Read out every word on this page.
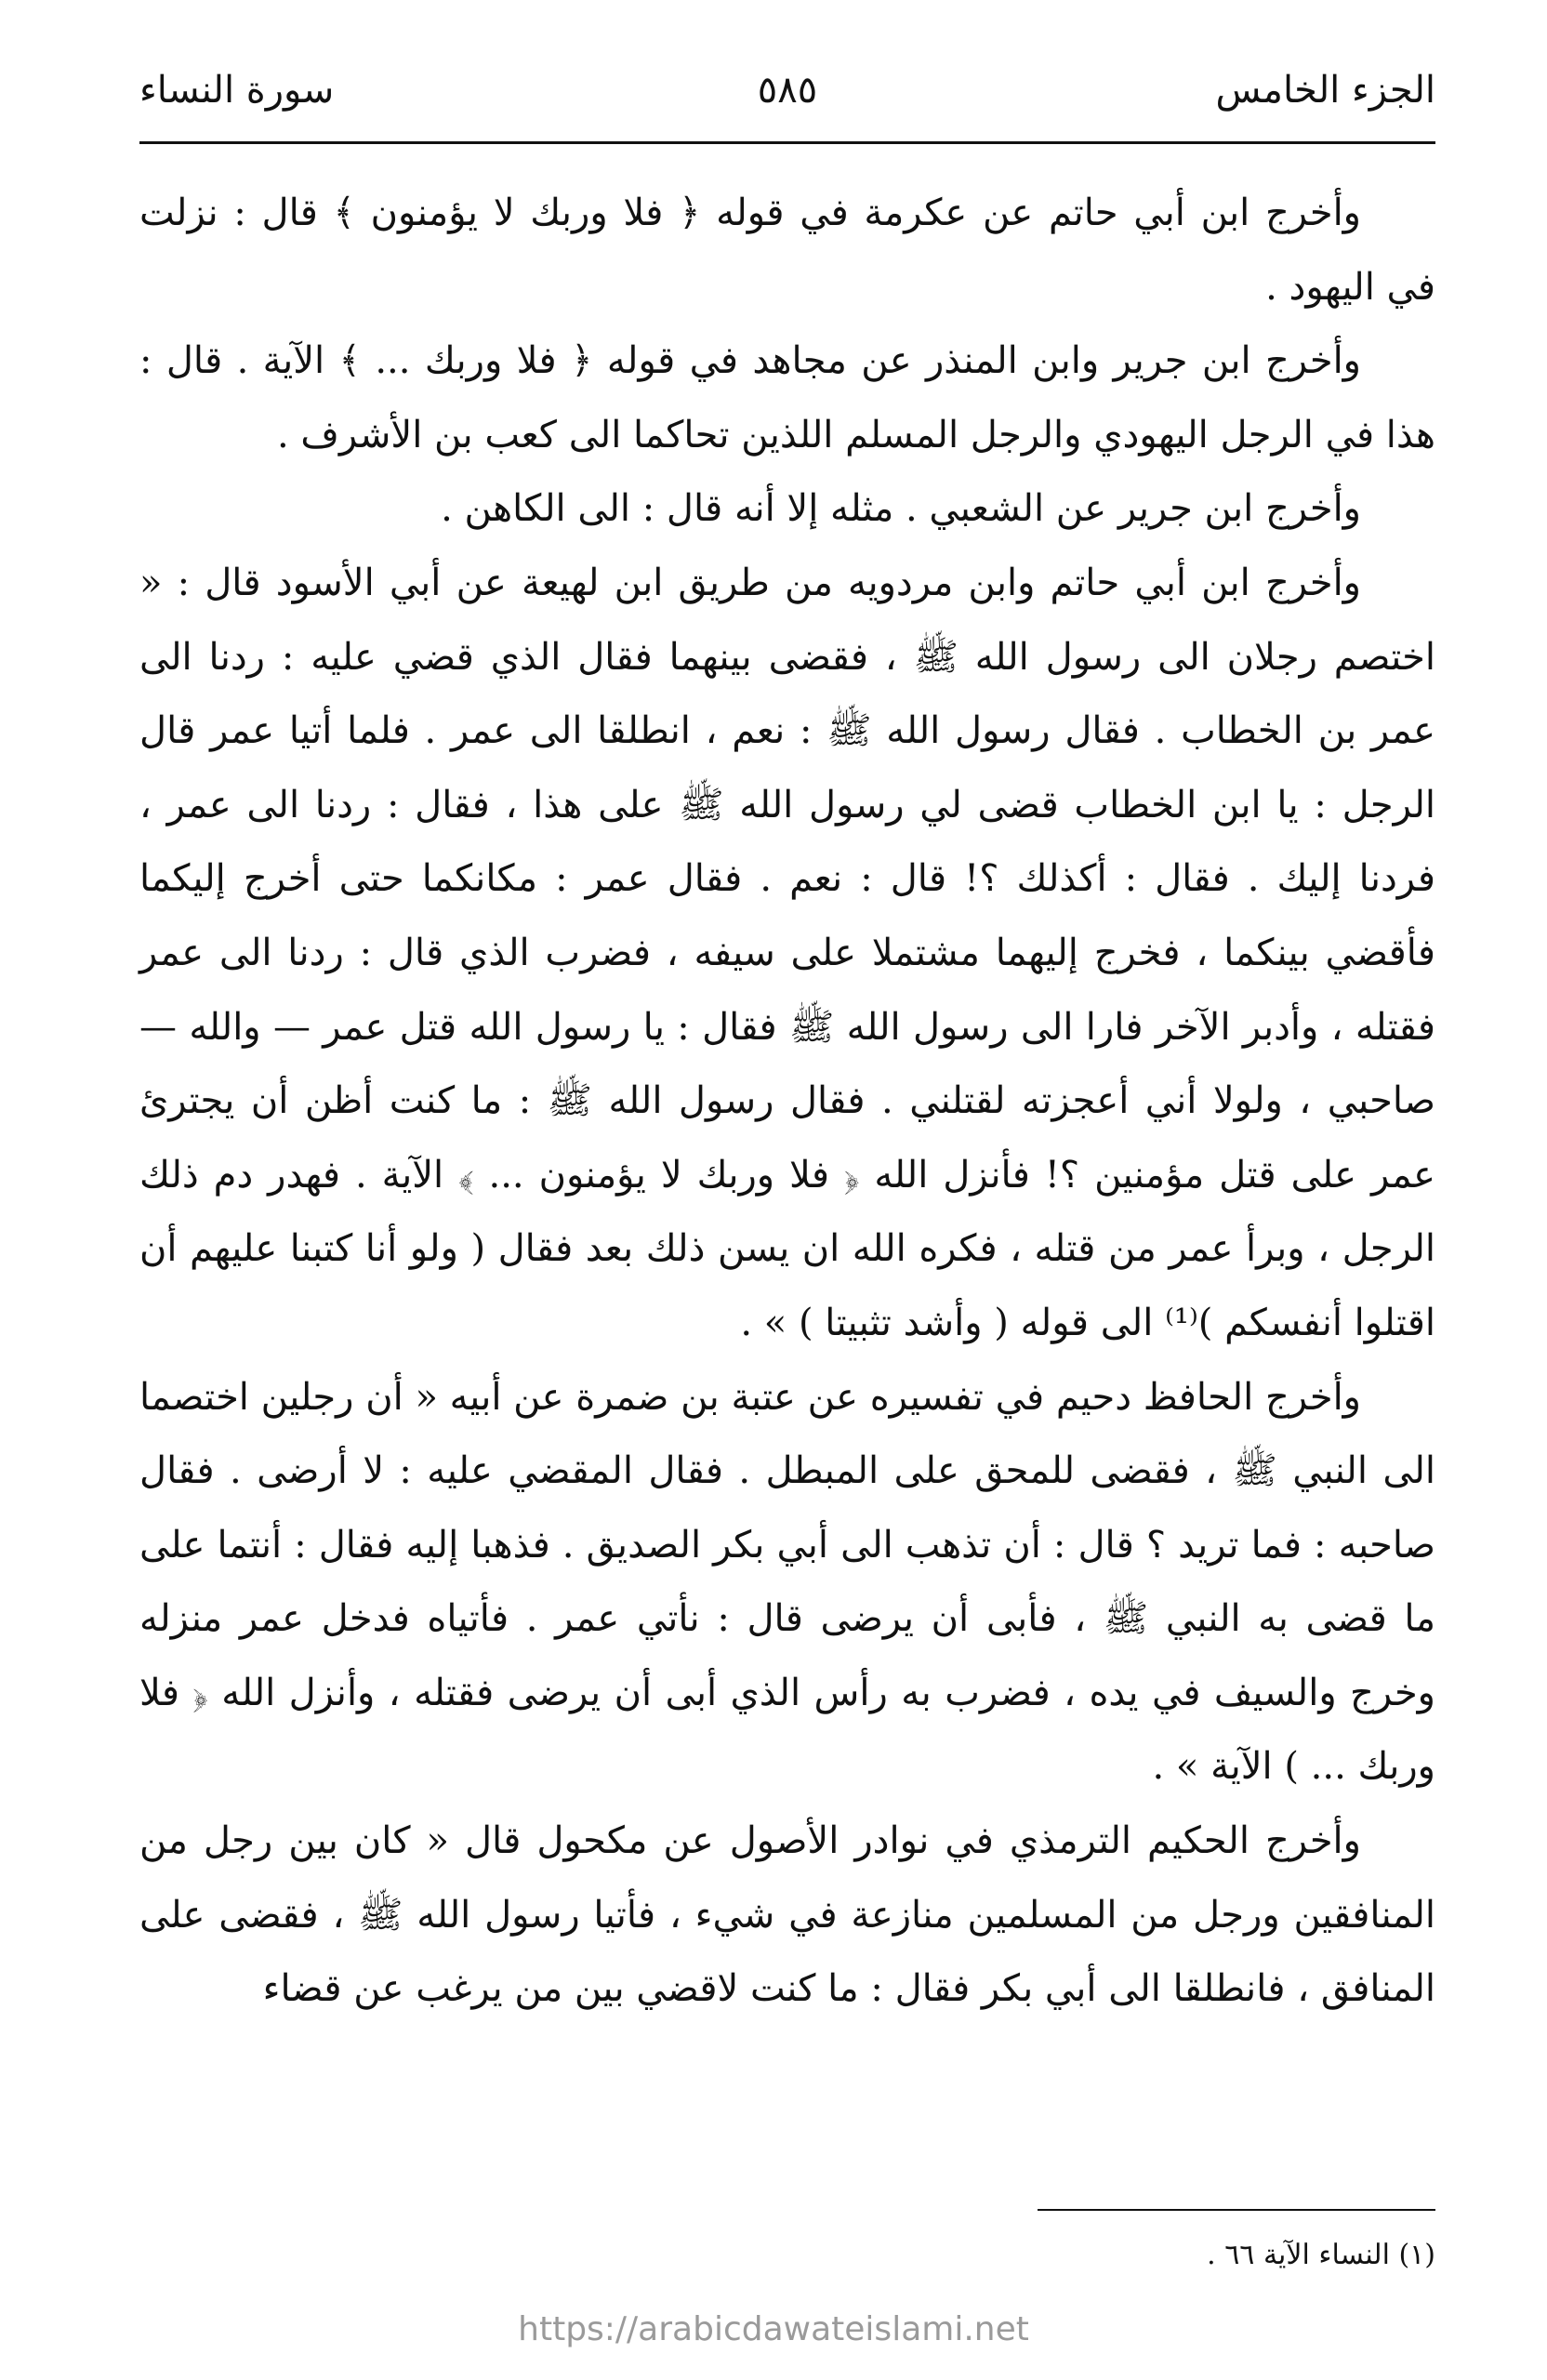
الجزء الخامس
٥٨٥
سورة النساء

وأخرج ابن أبي حاتم عن عكرمة في قوله ﴿ فلا وربك لا يؤمنون ﴾ قال : نزلت في اليهود .

وأخرج ابن جرير وابن المنذر عن مجاهد في قوله ﴿ فلا وربك ... ﴾ الآية . قال : هذا في الرجل اليهودي والرجل المسلم اللذين تحاكما الى كعب بن الأشرف .

وأخرج ابن جرير عن الشعبي . مثله إلا أنه قال : الى الكاهن .

وأخرج ابن أبي حاتم وابن مردويه من طريق ابن لهيعة عن أبي الأسود قال : « اختصم رجلان الى رسول الله ﷺ ، فقضى بينهما فقال الذي قضي عليه : ردنا الى عمر بن الخطاب . فقال رسول الله ﷺ : نعم ، انطلقا الى عمر . فلما أتيا عمر قال الرجل : يا ابن الخطاب قضى لي رسول الله ﷺ على هذا ، فقال : ردنا الى عمر ، فردنا إليك . فقال : أكذلك ؟! قال : نعم . فقال عمر : مكانكما حتى أخرج إليكما فأقضي بينكما ، فخرج إليهما مشتملا على سيفه ، فضرب الذي قال : ردنا الى عمر فقتله ، وأدبر الآخر فارا الى رسول الله ﷺ فقال : يا رسول الله قتل عمر — والله — صاحبي ، ولولا أني أعجزته لقتلني . فقال رسول الله ﷺ : ما كنت أظن أن يجترئ عمر على قتل مؤمنين ؟! فأنزل الله ﴿ فلا وربك لا يؤمنون ... ﴾ الآية . فهدر دم ذلك الرجل ، وبرأ عمر من قتله ، فكره الله ان يسن ذلك بعد فقال ( ولو أنا كتبنا عليهم أن اقتلوا أنفسكم )⁽¹⁾ الى قوله ( وأشد تثبيتا ) » .

وأخرج الحافظ دحيم في تفسيره عن عتبة بن ضمرة عن أبيه « أن رجلين اختصما الى النبي ﷺ ، فقضى للمحق على المبطل . فقال المقضي عليه : لا أرضى . فقال صاحبه : فما تريد ؟ قال : أن تذهب الى أبي بكر الصديق . فذهبا إليه فقال : أنتما على ما قضى به النبي ﷺ ، فأبى أن يرضى قال : نأتي عمر . فأتياه فدخل عمر منزله وخرج والسيف في يده ، فضرب به رأس الذي أبى أن يرضى فقتله ، وأنزل الله ﴿ فلا وربك ... ) الآية » .

وأخرج الحكيم الترمذي في نوادر الأصول عن مكحول قال « كان بين رجل من المنافقين ورجل من المسلمين منازعة في شيء ، فأتيا رسول الله ﷺ ، فقضى على المنافق ، فانطلقا الى أبي بكر فقال : ما كنت لاقضي بين من يرغب عن قضاء

(١) النساء الآية ٦٦ .
https://arabicdawateislami.net
